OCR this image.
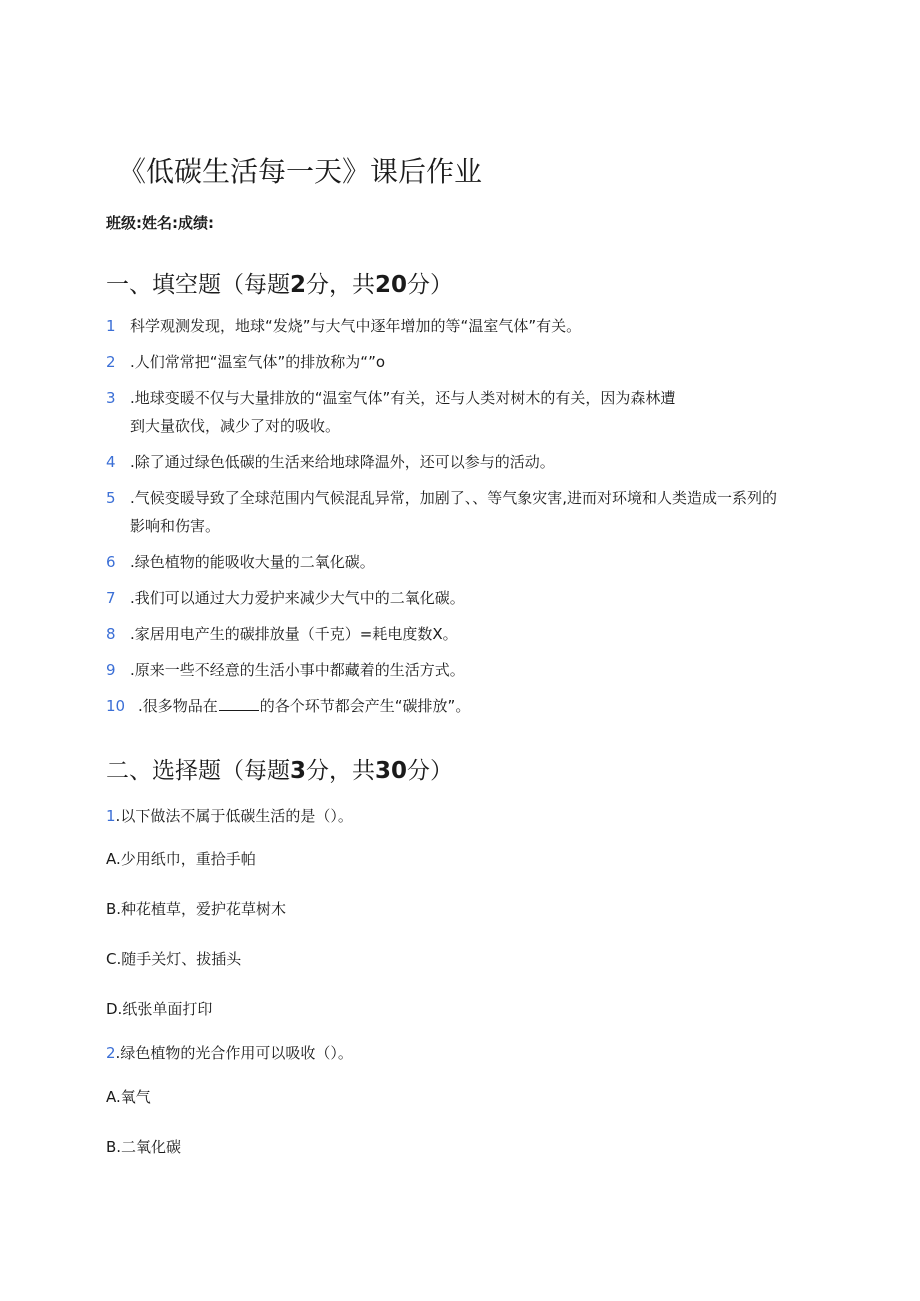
《低碳生活每一天》课后作业
班级:姓名:成绩:
一、填空题（每题2分，共20分）
1 科学观测发现，地球“发烧”与大气中逐年增加的等“温室气体”有关。
2 .人们常常把“温室气体”的排放称为“”o
3 .地球变暖不仅与大量排放的“温室气体”有关，还与人类对树木的有关，因为森林遭
到大量砍伐，减少了对的吸收。
4 .除了通过绿色低碳的生活来给地球降温外，还可以参与的活动。
5 .气候变暖导致了全球范围内气候混乱异常，加剧了、、等气象灾害,进而对环境和人类造成一系列的
影响和伤害。
6 .绿色植物的能吸收大量的二氧化碳。
7 .我们可以通过大力爱护来减少大气中的二氧化碳。
8 .家居用电产生的碳排放量（千克）=耗电度数X。
9 .原来一些不经意的生活小事中都藏着的生活方式。
10 .很多物品在	的各个环节都会产生“碳排放”。
二、选择题（每题3分，共30分）
1.以下做法不属于低碳生活的是（）。
A.少用纸巾，重拾手帕
B.种花植草，爱护花草树木
C.随手关灯、拔插头
D.纸张单面打印
2.绿色植物的光合作用可以吸收（）。
A.氧气
B.二氧化碳
